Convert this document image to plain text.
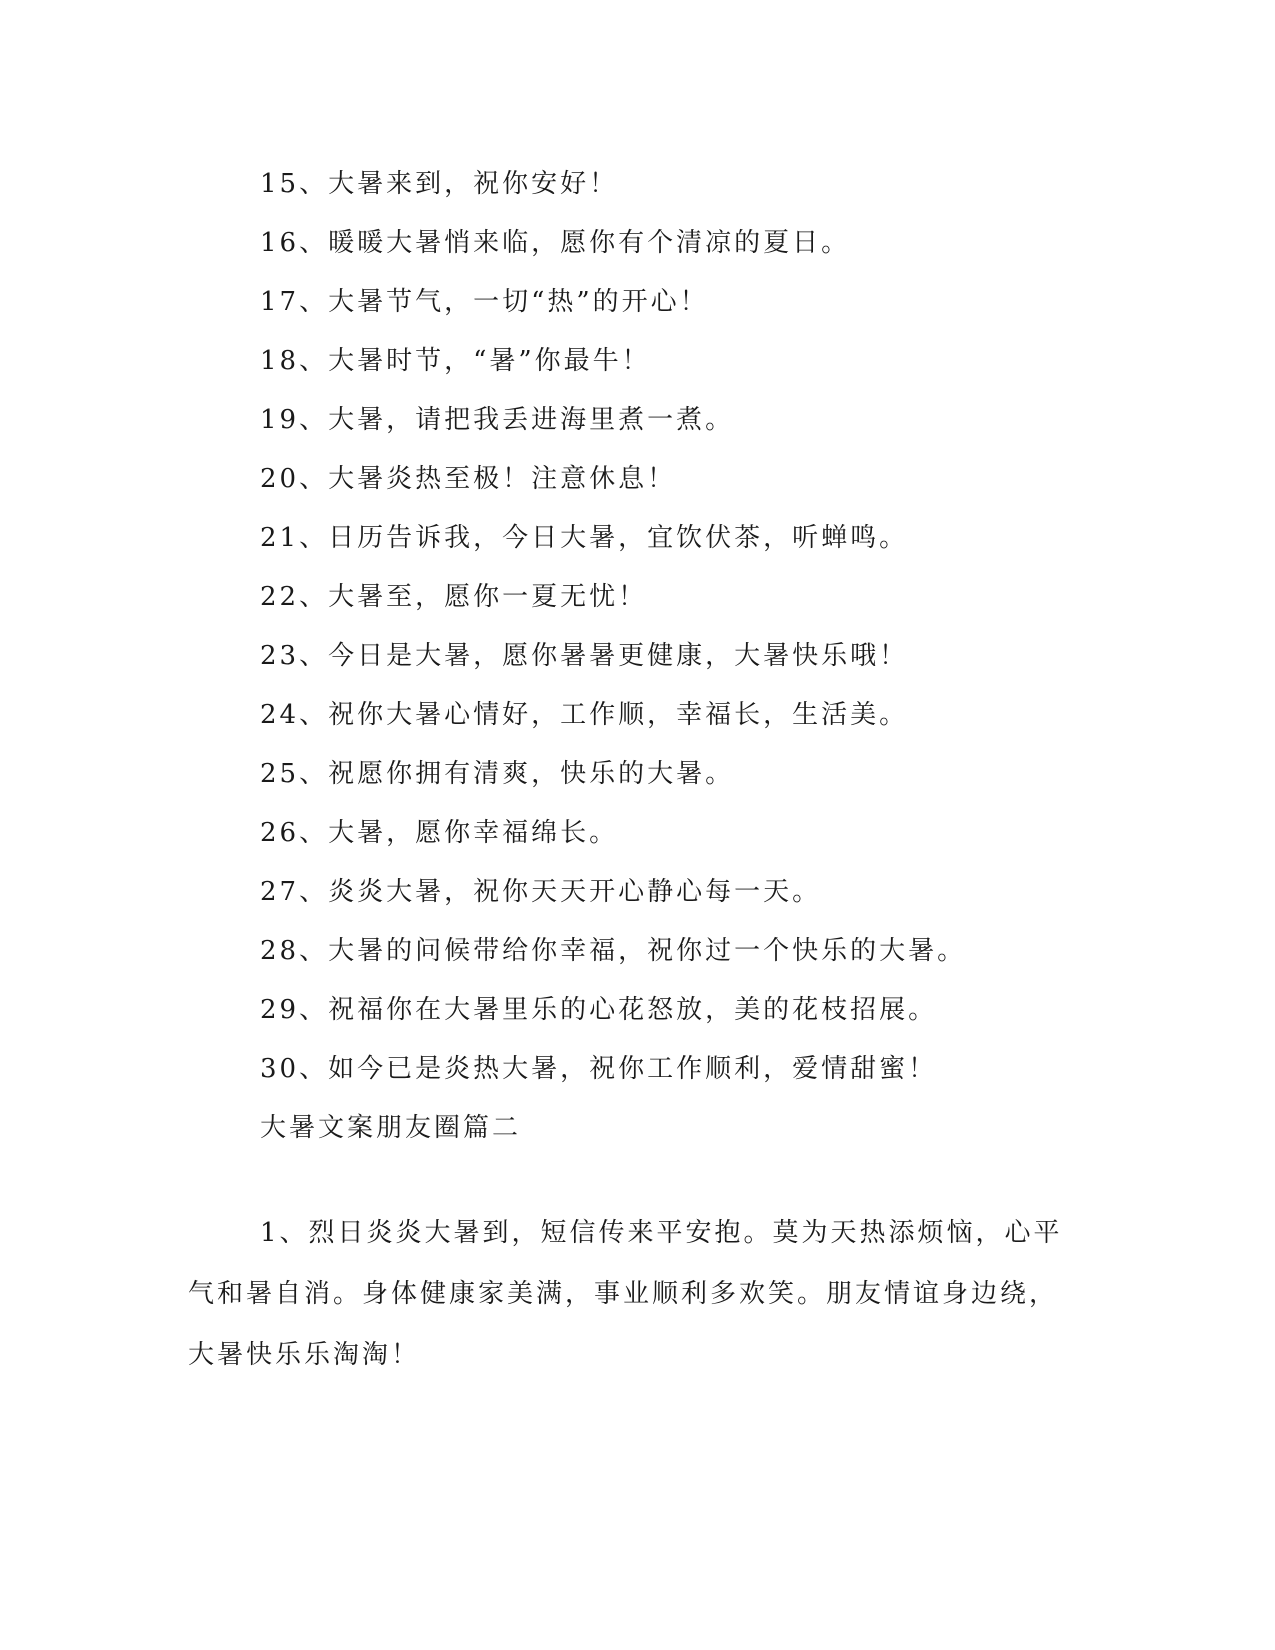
15、大暑来到，祝你安好！

16、暖暖大暑悄来临，愿你有个清凉的夏日。

17、大暑节气，一切“热”的开心！

18、大暑时节，“暑”你最牛！

19、大暑，请把我丢进海里煮一煮。

20、大暑炎热至极！注意休息！

21、日历告诉我，今日大暑，宜饮伏茶，听蝉鸣。

22、大暑至，愿你一夏无忧！

23、今日是大暑，愿你暑暑更健康，大暑快乐哦！

24、祝你大暑心情好，工作顺，幸福长，生活美。

25、祝愿你拥有清爽，快乐的大暑。

26、大暑，愿你幸福绵长。

27、炎炎大暑，祝你天天开心静心每一天。

28、大暑的问候带给你幸福，祝你过一个快乐的大暑。

29、祝福你在大暑里乐的心花怒放，美的花枝招展。

30、如今已是炎热大暑，祝你工作顺利，爱情甜蜜！

大暑文案朋友圈篇二

1、烈日炎炎大暑到，短信传来平安抱。莫为天热添烦恼，心平气和暑自消。身体健康家美满，事业顺利多欢笑。朋友情谊身边绕，大暑快乐乐淘淘！
